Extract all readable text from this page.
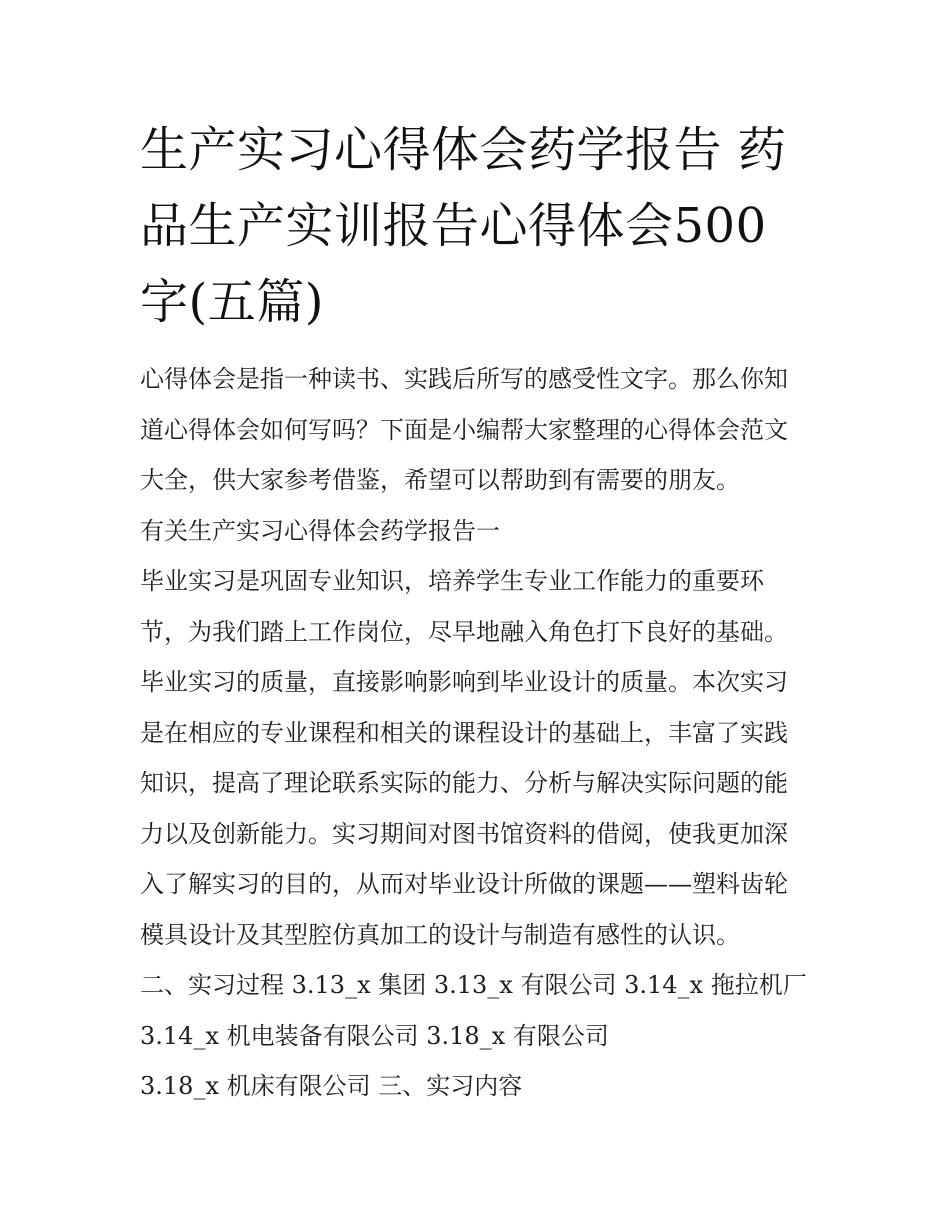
生产实习心得体会药学报告 药
品生产实训报告心得体会500
字(五篇)
心得体会是指一种读书、实践后所写的感受性文字。那么你知
道心得体会如何写吗？下面是小编帮大家整理的心得体会范文
大全，供大家参考借鉴，希望可以帮助到有需要的朋友。
有关生产实习心得体会药学报告一
毕业实习是巩固专业知识，培养学生专业工作能力的重要环
节，为我们踏上工作岗位，尽早地融入角色打下良好的基础。
毕业实习的质量，直接影响影响到毕业设计的质量。本次实习
是在相应的专业课程和相关的课程设计的基础上，丰富了实践
知识，提高了理论联系实际的能力、分析与解决实际问题的能
力以及创新能力。实习期间对图书馆资料的借阅，使我更加深
入了解实习的目的，从而对毕业设计所做的课题——塑料齿轮
模具设计及其型腔仿真加工的设计与制造有感性的认识。
二、实习过程 3.13_x 集团 3.13_x 有限公司 3.14_x 拖拉机厂
3.14_x 机电装备有限公司 3.18_x 有限公司
3.18_x 机床有限公司 三、实习内容
